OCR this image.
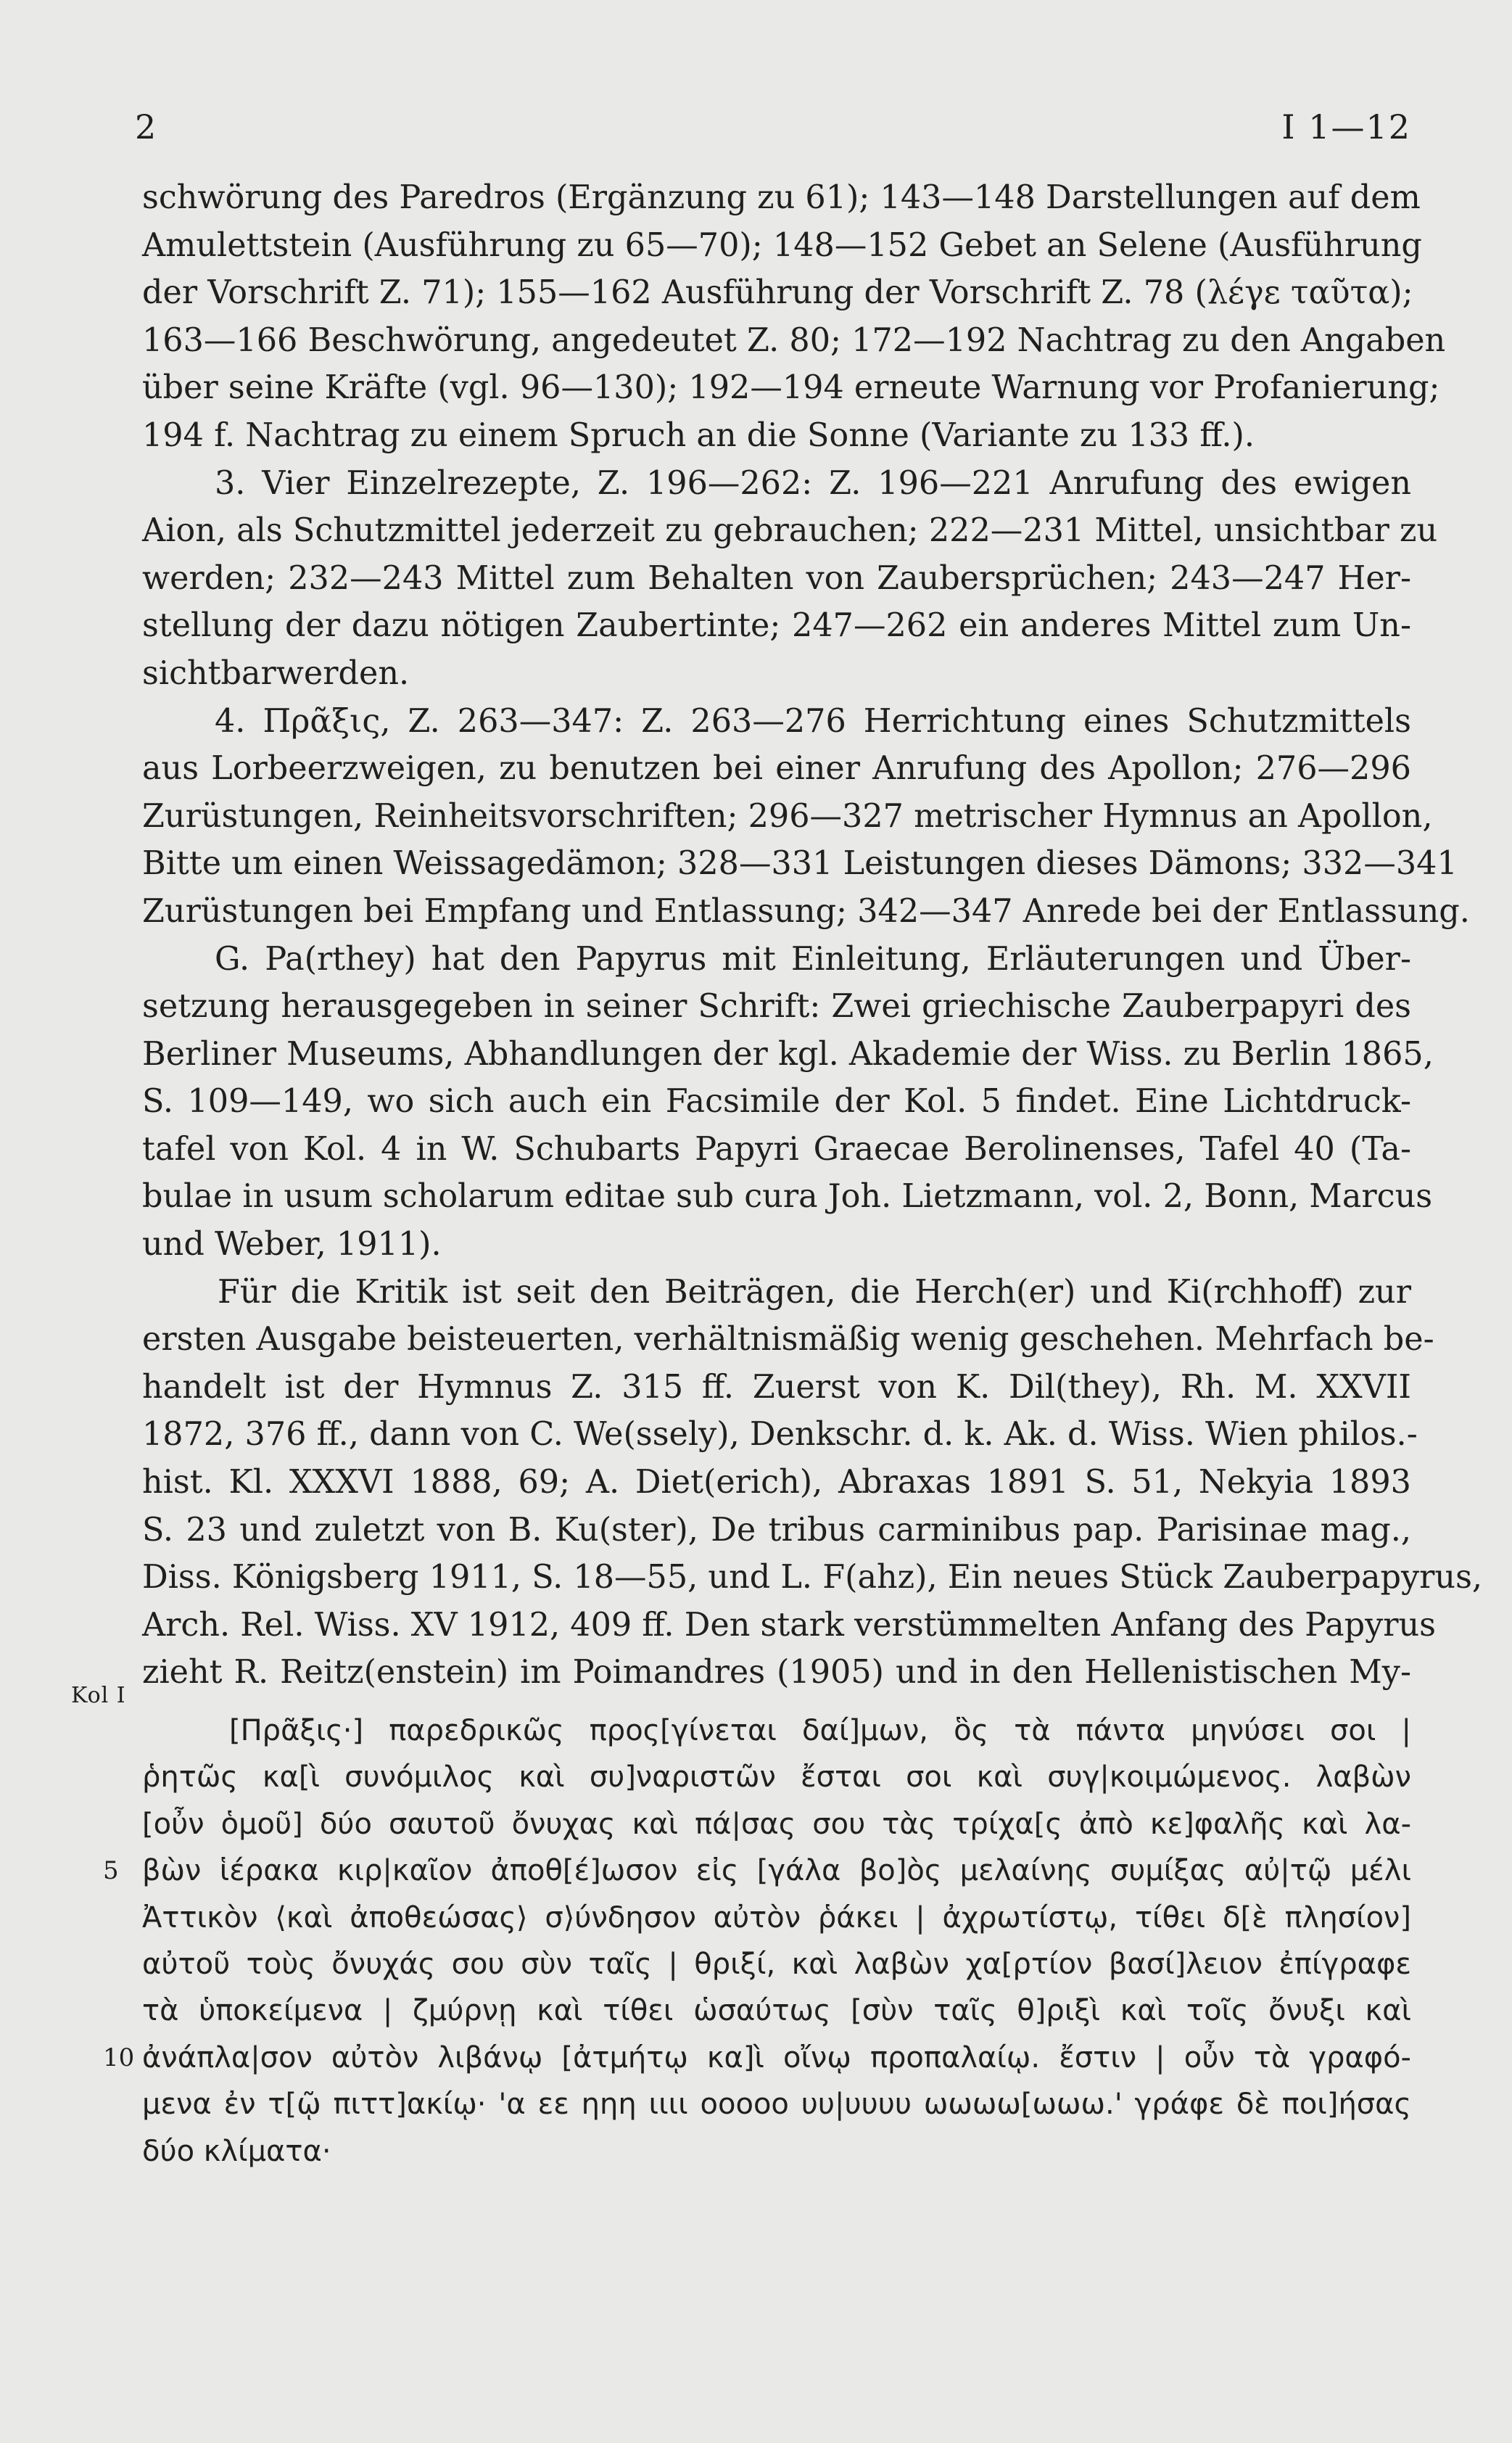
2	I 1—12
schwörung des Paredros (Ergänzung zu 61); 143—148 Darstellungen auf dem
Amulettstein (Ausführung zu 65—70); 148—152 Gebet an Selene (Ausführung
der Vorschrift Z. 71); 155—162 Ausführung der Vorschrift Z. 78 (λέγε ταῦτα);
163—166 Beschwörung, angedeutet Z. 80; 172—192 Nachtrag zu den Angaben
über seine Kräfte (vgl. 96—130); 192—194 erneute Warnung vor Profanierung;
194 f. Nachtrag zu einem Spruch an die Sonne (Variante zu 133 ff.).
3. Vier Einzelrezepte, Z. 196—262: Z. 196—221 Anrufung des ewigen
Aion, als Schutzmittel jederzeit zu gebrauchen; 222—231 Mittel, unsichtbar zu
werden; 232—243 Mittel zum Behalten von Zaubersprüchen; 243—247 Her-
stellung der dazu nötigen Zaubertinte; 247—262 ein anderes Mittel zum Un-
sichtbarwerden.
4. Πρᾶξις, Z. 263—347: Z. 263—276 Herrichtung eines Schutzmittels
aus Lorbeerzweigen, zu benutzen bei einer Anrufung des Apollon; 276—296
Zurüstungen, Reinheitsvorschriften; 296—327 metrischer Hymnus an Apollon,
Bitte um einen Weissagedämon; 328—331 Leistungen dieses Dämons; 332—341
Zurüstungen bei Empfang und Entlassung; 342—347 Anrede bei der Entlassung.
G. Pa(rthey) hat den Papyrus mit Einleitung, Erläuterungen und Über-
setzung herausgegeben in seiner Schrift: Zwei griechische Zauberpapyri des
Berliner Museums, Abhandlungen der kgl. Akademie der Wiss. zu Berlin 1865,
S. 109—149, wo sich auch ein Facsimile der Kol. 5 findet. Eine Lichtdruck-
tafel von Kol. 4 in W. Schubarts Papyri Graecae Berolinenses, Tafel 40 (Ta-
bulae in usum scholarum editae sub cura Joh. Lietzmann, vol. 2, Bonn, Marcus
und Weber, 1911).
Für die Kritik ist seit den Beiträgen, die Herch(er) und Ki(rchhoff) zur
ersten Ausgabe beisteuerten, verhältnismäßig wenig geschehen. Mehrfach be-
handelt ist der Hymnus Z. 315 ff. Zuerst von K. Dil(they), Rh. M. XXVII
1872, 376 ff., dann von C. We(ssely), Denkschr. d. k. Ak. d. Wiss. Wien philos.-
hist. Kl. XXXVI 1888, 69; A. Diet(erich), Abraxas 1891 S. 51, Nekyia 1893
S. 23 und zuletzt von B. Ku(ster), De tribus carminibus pap. Parisinae mag.,
Diss. Königsberg 1911, S. 18—55, und L. F(ahz), Ein neues Stück Zauberpapyrus,
Arch. Rel. Wiss. XV 1912, 409 ff. Den stark verstümmelten Anfang des Papyrus
zieht R. Reitz(enstein) im Poimandres (1905) und in den Hellenistischen My-
Kol I
[Πρᾶξις·] παρεδρικῶς προς[γίνεται δαί]μων, ὃς τὰ πάντα μηνύσει σοι |
ῥητῶς κα[ὶ συνόμιλος καὶ συ]ναριστῶν ἔσται σοι καὶ συγ|κοιμώμενος. λαβὼν
[οὖν ὁμοῦ] δύο σαυτοῦ ὄνυχας καὶ πά|σας σου τὰς τρίχα[ς ἀπὸ κε]φαλῆς καὶ λα-
5 βὼν ἱέρακα κιρ|καῖον ἀποθ[έ]ωσον εἰς [γάλα βο]ὸς μελαίνης συμίξας αὐ|τῷ μέλι
Ἀττικὸν ⟨καὶ ἀποθεώσας⟩ σ⟩ύνδησον αὐτὸν ῥάκει | ἀχρωτίστῳ, τίθει δ[ὲ πλησίον]
αὐτοῦ τοὺς ὄνυχάς σου σὺν ταῖς | θριξί, καὶ λαβὼν χα[ρτίον βασί]λειον ἐπίγραφε
τὰ ὑποκείμενα | ζμύρνῃ καὶ τίθει ὡσαύτως [σὺν ταῖς θ]ριξὶ καὶ τοῖς ὄνυξι καὶ
10 ἀνάπλα|σον αὐτὸν λιβάνῳ [ἀτμήτῳ κα]ὶ οἴνῳ προπαλαίῳ. ἔστιν | οὖν τὰ γραφό-
μενα ἐν τ[ῷ πιττ]ακίῳ· 'α εε ηηη ιιιι οοοοο υυ|υυυυ ωωωω[ωωω.' γράφε δὲ ποι]ήσας
δύο κλίματα·
